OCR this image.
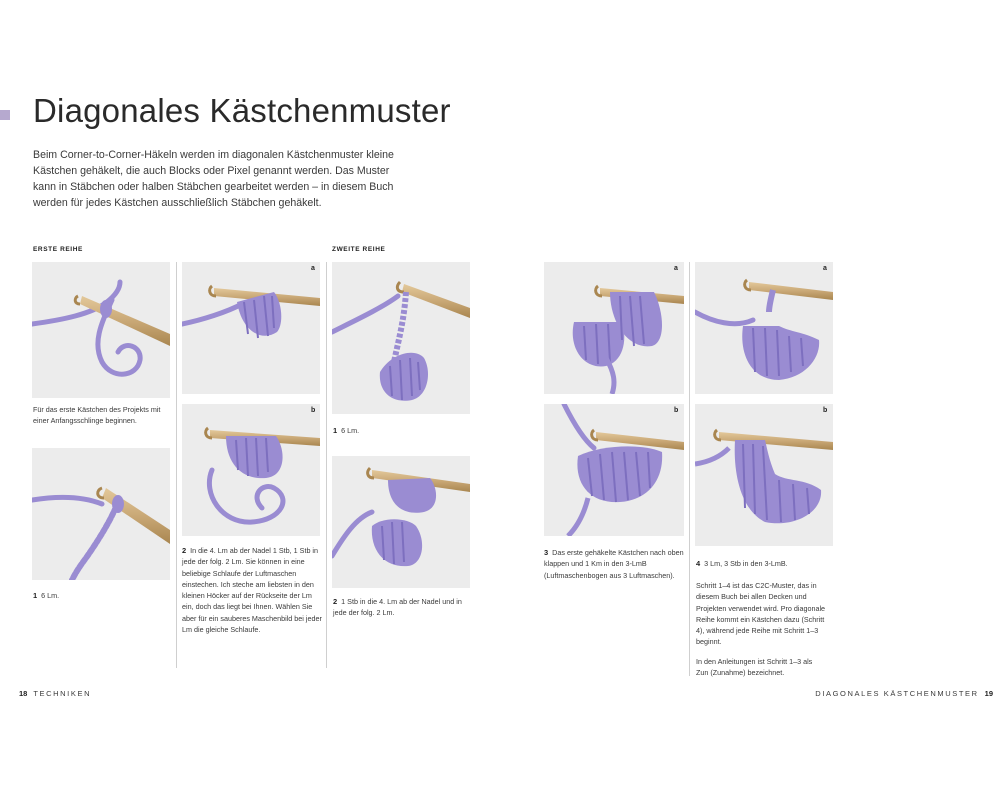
Diagonales Kästchenmuster
Beim Corner-to-Corner-Häkeln werden im diagonalen Kästchenmuster kleine Kästchen gehäkelt, die auch Blocks oder Pixel genannt werden. Das Muster kann in Stäbchen oder halben Stäbchen gearbeitet werden – in diesem Buch werden für jedes Kästchen ausschließlich Stäbchen gehäkelt.
ERSTE REIHE	ZWEITE REIHE
Für das erste Kästchen des Projekts mit einer Anfangsschlinge beginnen.
1 6 Lm.
a
b
2 In die 4. Lm ab der Nadel 1 Stb, 1 Stb in jede der folg. 2 Lm. Sie können in eine beliebige Schlaufe der Luftmaschen einstechen. Ich steche am liebsten in den kleinen Höcker auf der Rückseite der Lm ein, doch das liegt bei Ihnen. Wählen Sie aber für ein sauberes Maschenbild bei jeder Lm die gleiche Schlaufe.
1 6 Lm.
2 1 Stb in die 4. Lm ab der Nadel und in jede der folg. 2 Lm.
a
b
3 Das erste gehäkelte Kästchen nach oben klappen und 1 Km in den 3-LmB (Luftmaschenbogen aus 3 Luftmaschen).
a
b
4 3 Lm, 3 Stb in den 3-LmB.
Schritt 1–4 ist das C2C-Muster, das in diesem Buch bei allen Decken und Projekten verwendet wird. Pro diagonale Reihe kommt ein Kästchen dazu (Schritt 4), während jede Reihe mit Schritt 1–3 beginnt.
In den Anleitungen ist Schritt 1–3 als Zun (Zunahme) bezeichnet.
18 TECHNIKEN	DIAGONALES KÄSTCHENMUSTER 19
